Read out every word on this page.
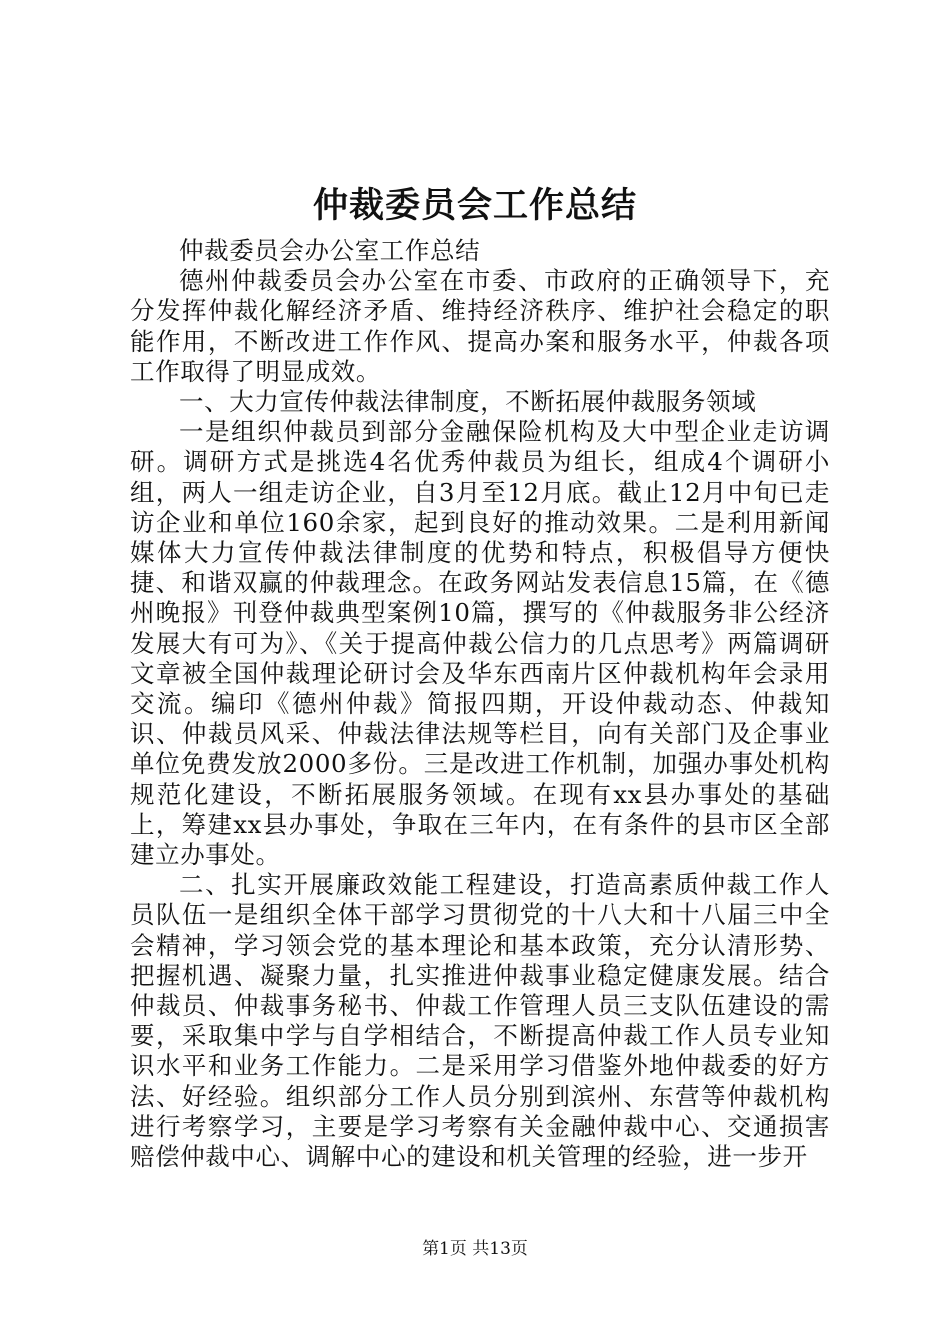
仲裁委员会工作总结

仲裁委员会办公室工作总结

德州仲裁委员会办公室在市委、市政府的正确领导下，充分发挥仲裁化解经济矛盾、维持经济秩序、维护社会稳定的职能作用，不断改进工作作风、提高办案和服务水平，仲裁各项工作取得了明显成效。

一、大力宣传仲裁法律制度，不断拓展仲裁服务领域

一是组织仲裁员到部分金融保险机构及大中型企业走访调研。调研方式是挑选4名优秀仲裁员为组长，组成4个调研小组，两人一组走访企业，自3月至12月底。截止12月中旬已走访企业和单位160余家，起到良好的推动效果。二是利用新闻媒体大力宣传仲裁法律制度的优势和特点，积极倡导方便快捷、和谐双赢的仲裁理念。在政务网站发表信息15篇，在《德州晚报》刊登仲裁典型案例10篇，撰写的《仲裁服务非公经济发展大有可为》、《关于提高仲裁公信力的几点思考》两篇调研文章被全国仲裁理论研讨会及华东西南片区仲裁机构年会录用交流。编印《德州仲裁》简报四期，开设仲裁动态、仲裁知识、仲裁员风采、仲裁法律法规等栏目，向有关部门及企事业单位免费发放2000多份。三是改进工作机制，加强办事处机构规范化建设，不断拓展服务领域。在现有xx县办事处的基础上，筹建xx县办事处，争取在三年内，在有条件的县市区全部建立办事处。

二、扎实开展廉政效能工程建设，打造高素质仲裁工作人员队伍一是组织全体干部学习贯彻党的十八大和十八届三中全会精神，学习领会党的基本理论和基本政策，充分认清形势、把握机遇、凝聚力量，扎实推进仲裁事业稳定健康发展。结合仲裁员、仲裁事务秘书、仲裁工作管理人员三支队伍建设的需要，采取集中学与自学相结合，不断提高仲裁工作人员专业知识水平和业务工作能力。二是采用学习借鉴外地仲裁委的好方法、好经验。组织部分工作人员分别到滨州、东营等仲裁机构进行考察学习，主要是学习考察有关金融仲裁中心、交通损害赔偿仲裁中心、调解中心的建设和机关管理的经验，进一步开

第1页 共13页
